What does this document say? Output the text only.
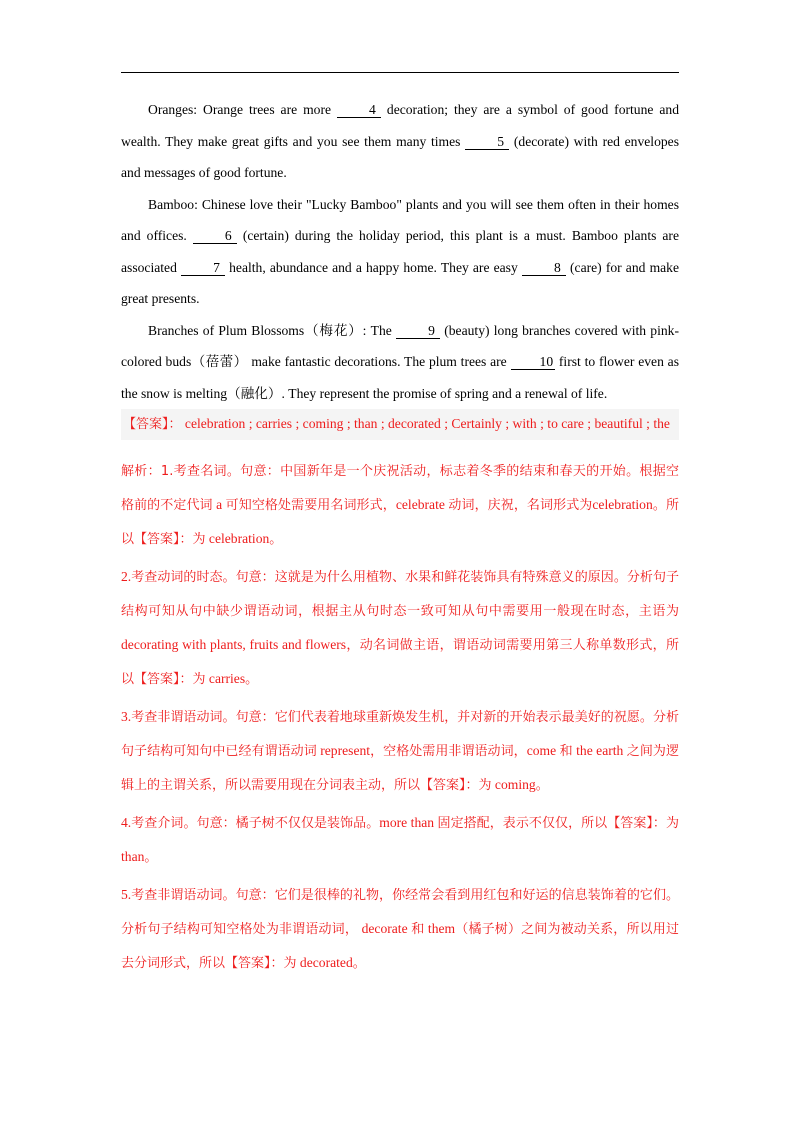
Oranges: Orange trees are more 4 decoration; they are a symbol of good fortune and wealth. They make great gifts and you see them many times 5 (decorate) with red envelopes and messages of good fortune.

Bamboo: Chinese love their "Lucky Bamboo" plants and you will see them often in their homes and offices. 6 (certain) during the holiday period, this plant is a must. Bamboo plants are associated 7 health, abundance and a happy home. They are easy 8 (care) for and make great presents.

Branches of Plum Blossoms（梅花）: The 9 (beauty) long branches covered with pink-colored buds（蓓蕾） make fantastic decorations. The plum trees are 10 first to flower even as the snow is melting（融化）. They represent the promise of spring and a renewal of life.

【答案】： celebration ; carries ; coming ; than ; decorated ; Certainly ; with ; to care ; beautiful ; the

解析：1.考查名词。句意：中国新年是一个庆祝活动，标志着冬季的结束和春天的开始。根据空格前的不定代词 a 可知空格处需要用名词形式，celebrate 动词，庆祝，名词形式为celebration。所以【答案】：为 celebration。

2.考查动词的时态。句意：这就是为什么用植物、水果和鲜花装饰具有特殊意义的原因。分析句子结构可知从句中缺少谓语动词，根据主从句时态一致可知从句中需要用一般现在时态，主语为 decorating with plants, fruits and flowers，动名词做主语，谓语动词需要用第三人称单数形式，所以【答案】：为 carries。

3.考查非谓语动词。句意：它们代表着地球重新焕发生机，并对新的开始表示最美好的祝愿。分析句子结构可知句中已经有谓语动词 represent，空格处需用非谓语动词，come 和 the earth 之间为逻辑上的主谓关系，所以需要用现在分词表主动，所以【答案】：为 coming。

4.考查介词。句意：橘子树不仅仅是装饰品。more than 固定搭配，表示不仅仅，所以【答案】：为 than。

5.考查非谓语动词。句意：它们是很棒的礼物，你经常会看到用红包和好运的信息装饰着的它们。分析句子结构可知空格处为非谓语动词， decorate 和 them（橘子树）之间为被动关系，所以用过去分词形式，所以【答案】：为 decorated。
